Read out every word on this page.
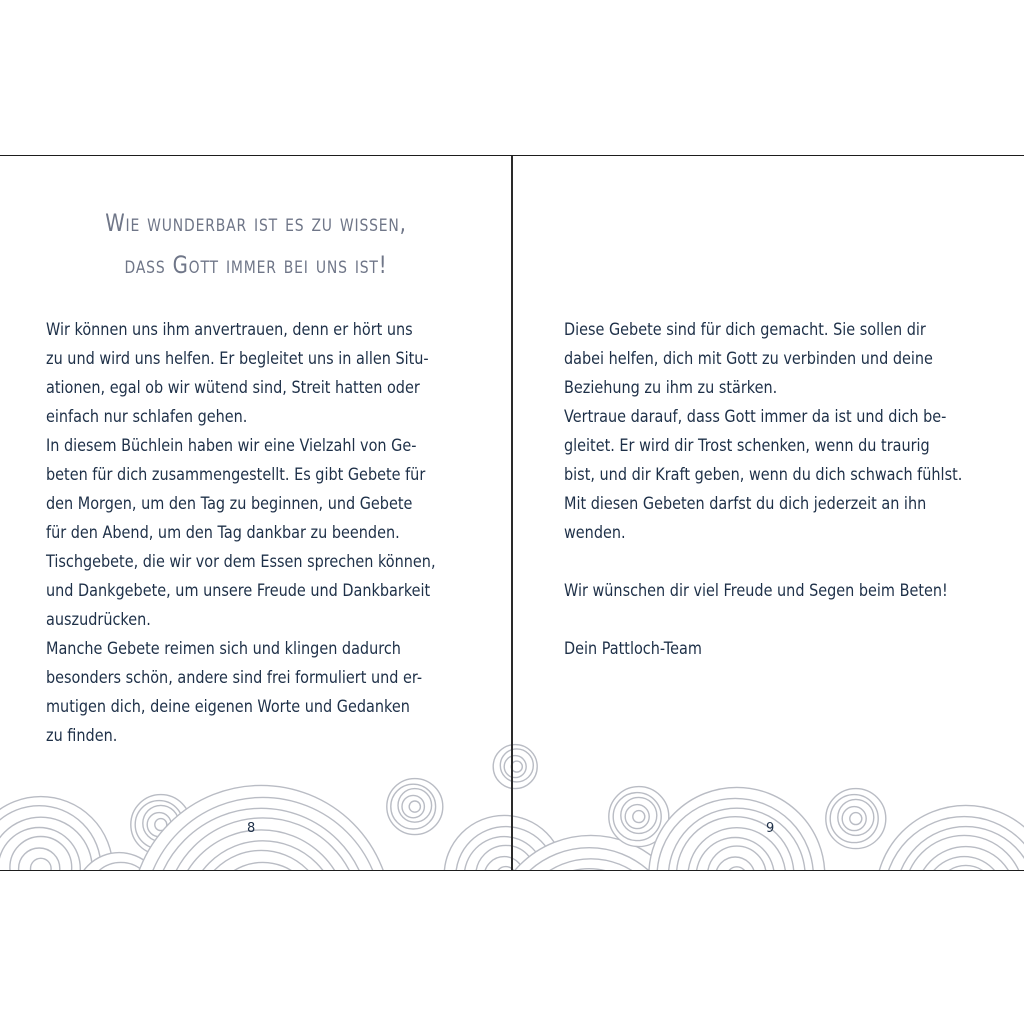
Wie wunderbar ist es zu wissen,
dass Gott immer bei uns ist!
Wir können uns ihm anvertrauen, denn er hört uns
zu und wird uns helfen. Er begleitet uns in allen Situ-
ationen, egal ob wir wütend sind, Streit hatten oder
einfach nur schlafen gehen.
In diesem Büchlein haben wir eine Vielzahl von Ge-
beten für dich zusammengestellt. Es gibt Gebete für
den Morgen, um den Tag zu beginnen, und Gebete
für den Abend, um den Tag dankbar zu beenden.
Tischgebete, die wir vor dem Essen sprechen können,
und Dankgebete, um unsere Freude und Dankbarkeit
auszudrücken.
Manche Gebete reimen sich und klingen dadurch
besonders schön, andere sind frei formuliert und er-
mutigen dich, deine eigenen Worte und Gedanken
zu finden.
8
Diese Gebete sind für dich gemacht. Sie sollen dir
dabei helfen, dich mit Gott zu verbinden und deine
Beziehung zu ihm zu stärken.
Vertraue darauf, dass Gott immer da ist und dich be-
gleitet. Er wird dir Trost schenken, wenn du traurig
bist, und dir Kraft geben, wenn du dich schwach fühlst.
Mit diesen Gebeten darfst du dich jederzeit an ihn
wenden.
Wir wünschen dir viel Freude und Segen beim Beten!
Dein Pattloch-Team
9
